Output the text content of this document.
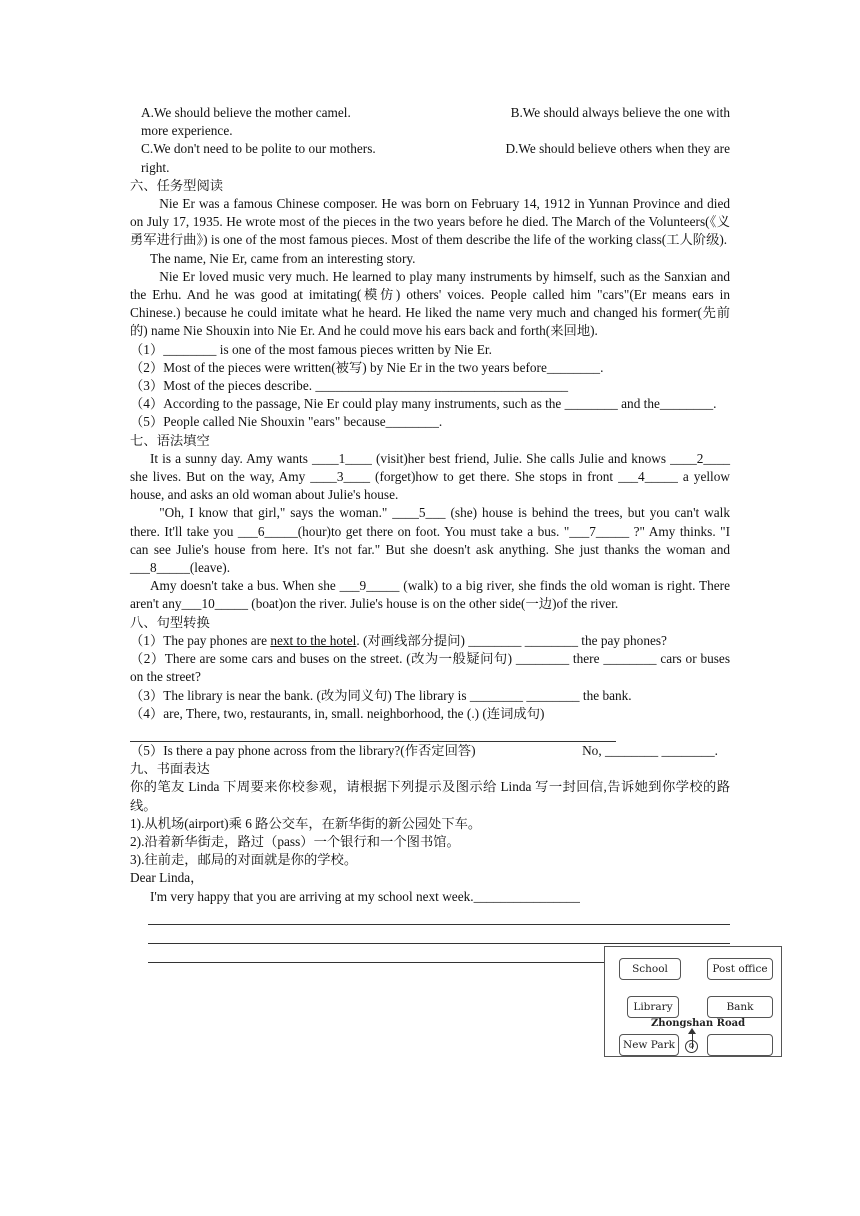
A.We should believe the mother camel.	B.We should always believe the one with
more experience.
C.We don't need to be polite to our mothers.	D.We should believe others when they are
right.
六、任务型阅读

Nie Er was a famous Chinese composer. He was born on February 14, 1912 in Yunnan Province and died on July 17, 1935. He wrote most of the pieces in the two years before he died. The March of the Volunteers(《义勇军进行曲》) is one of the most famous pieces. Most of them describe the life of the working class(工人阶级).

The name, Nie Er, came from an interesting story.

Nie Er loved music very much. He learned to play many instruments by himself, such as the Sanxian and the Erhu. And he was good at imitating(模仿) others' voices. People called him "cars"(Er means ears in Chinese.) because he could imitate what he heard. He liked the name very much and changed his former(先前的) name Nie Shouxin into Nie Er. And he could move his ears back and forth(来回地).

（1）________ is one of the most famous pieces written by Nie Er.

（2）Most of the pieces were written(被写) by Nie Er in the two years before________.

（3）Most of the pieces describe. ______________________________________

（4）According to the passage, Nie Er could play many instruments, such as the ________ and the________.

（5）People called Nie Shouxin "ears" because________.

七、语法填空

It is a sunny day. Amy wants ____1____ (visit)her best friend, Julie. She calls Julie and knows ____2____ she lives. But on the way, Amy ____3____ (forget)how to get there. She stops in front ___4_____ a yellow house, and asks an old woman about Julie's house.

"Oh, I know that girl," says the woman." ____5___ (she) house is behind the trees, but you can't walk there. It'll take you ___6_____(hour)to get there on foot. You must take a bus. "___7_____ ?" Amy thinks. "I can see Julie's house from here. It's not far." But she doesn't ask anything. She just thanks the woman and ___8_____(leave).

Amy doesn't take a bus. When she ___9_____ (walk) to a big river, she finds the old woman is right. There aren't any___10_____ (boat)on the river. Julie's house is on the other side(一边)of the river.

八、句型转换

（1）The pay phones are next to the hotel. (对画线部分提问) ________ ________ the pay phones?

（2）There are some cars and buses on the street. (改为一般疑问句) ________ there ________ cars or buses on the street?

（3）The library is near the bank. (改为同义句) The library is ________ ________ the bank.

（4）are, There, two, restaurants, in, small. neighborhood, the (.) (连词成句)

（5）Is there a pay phone across from the library?(作否定回答)	No, ________ ________.
九、书面表达

你的笔友 Linda 下周要来你校参观，请根据下列提示及图示给 Linda 写一封回信,告诉她到你学校的路线。

1).从机场(airport)乘 6 路公交车，在新华街的新公园处下车。

2).沿着新华街走，路过（pass）一个银行和一个图书馆。

3).往前走，邮局的对面就是你的学校。

Dear Linda，

I'm very happy that you are arriving at my school next week.________________

School	Post office
Library	Bank
Zhongshan Road
New Park	☺
